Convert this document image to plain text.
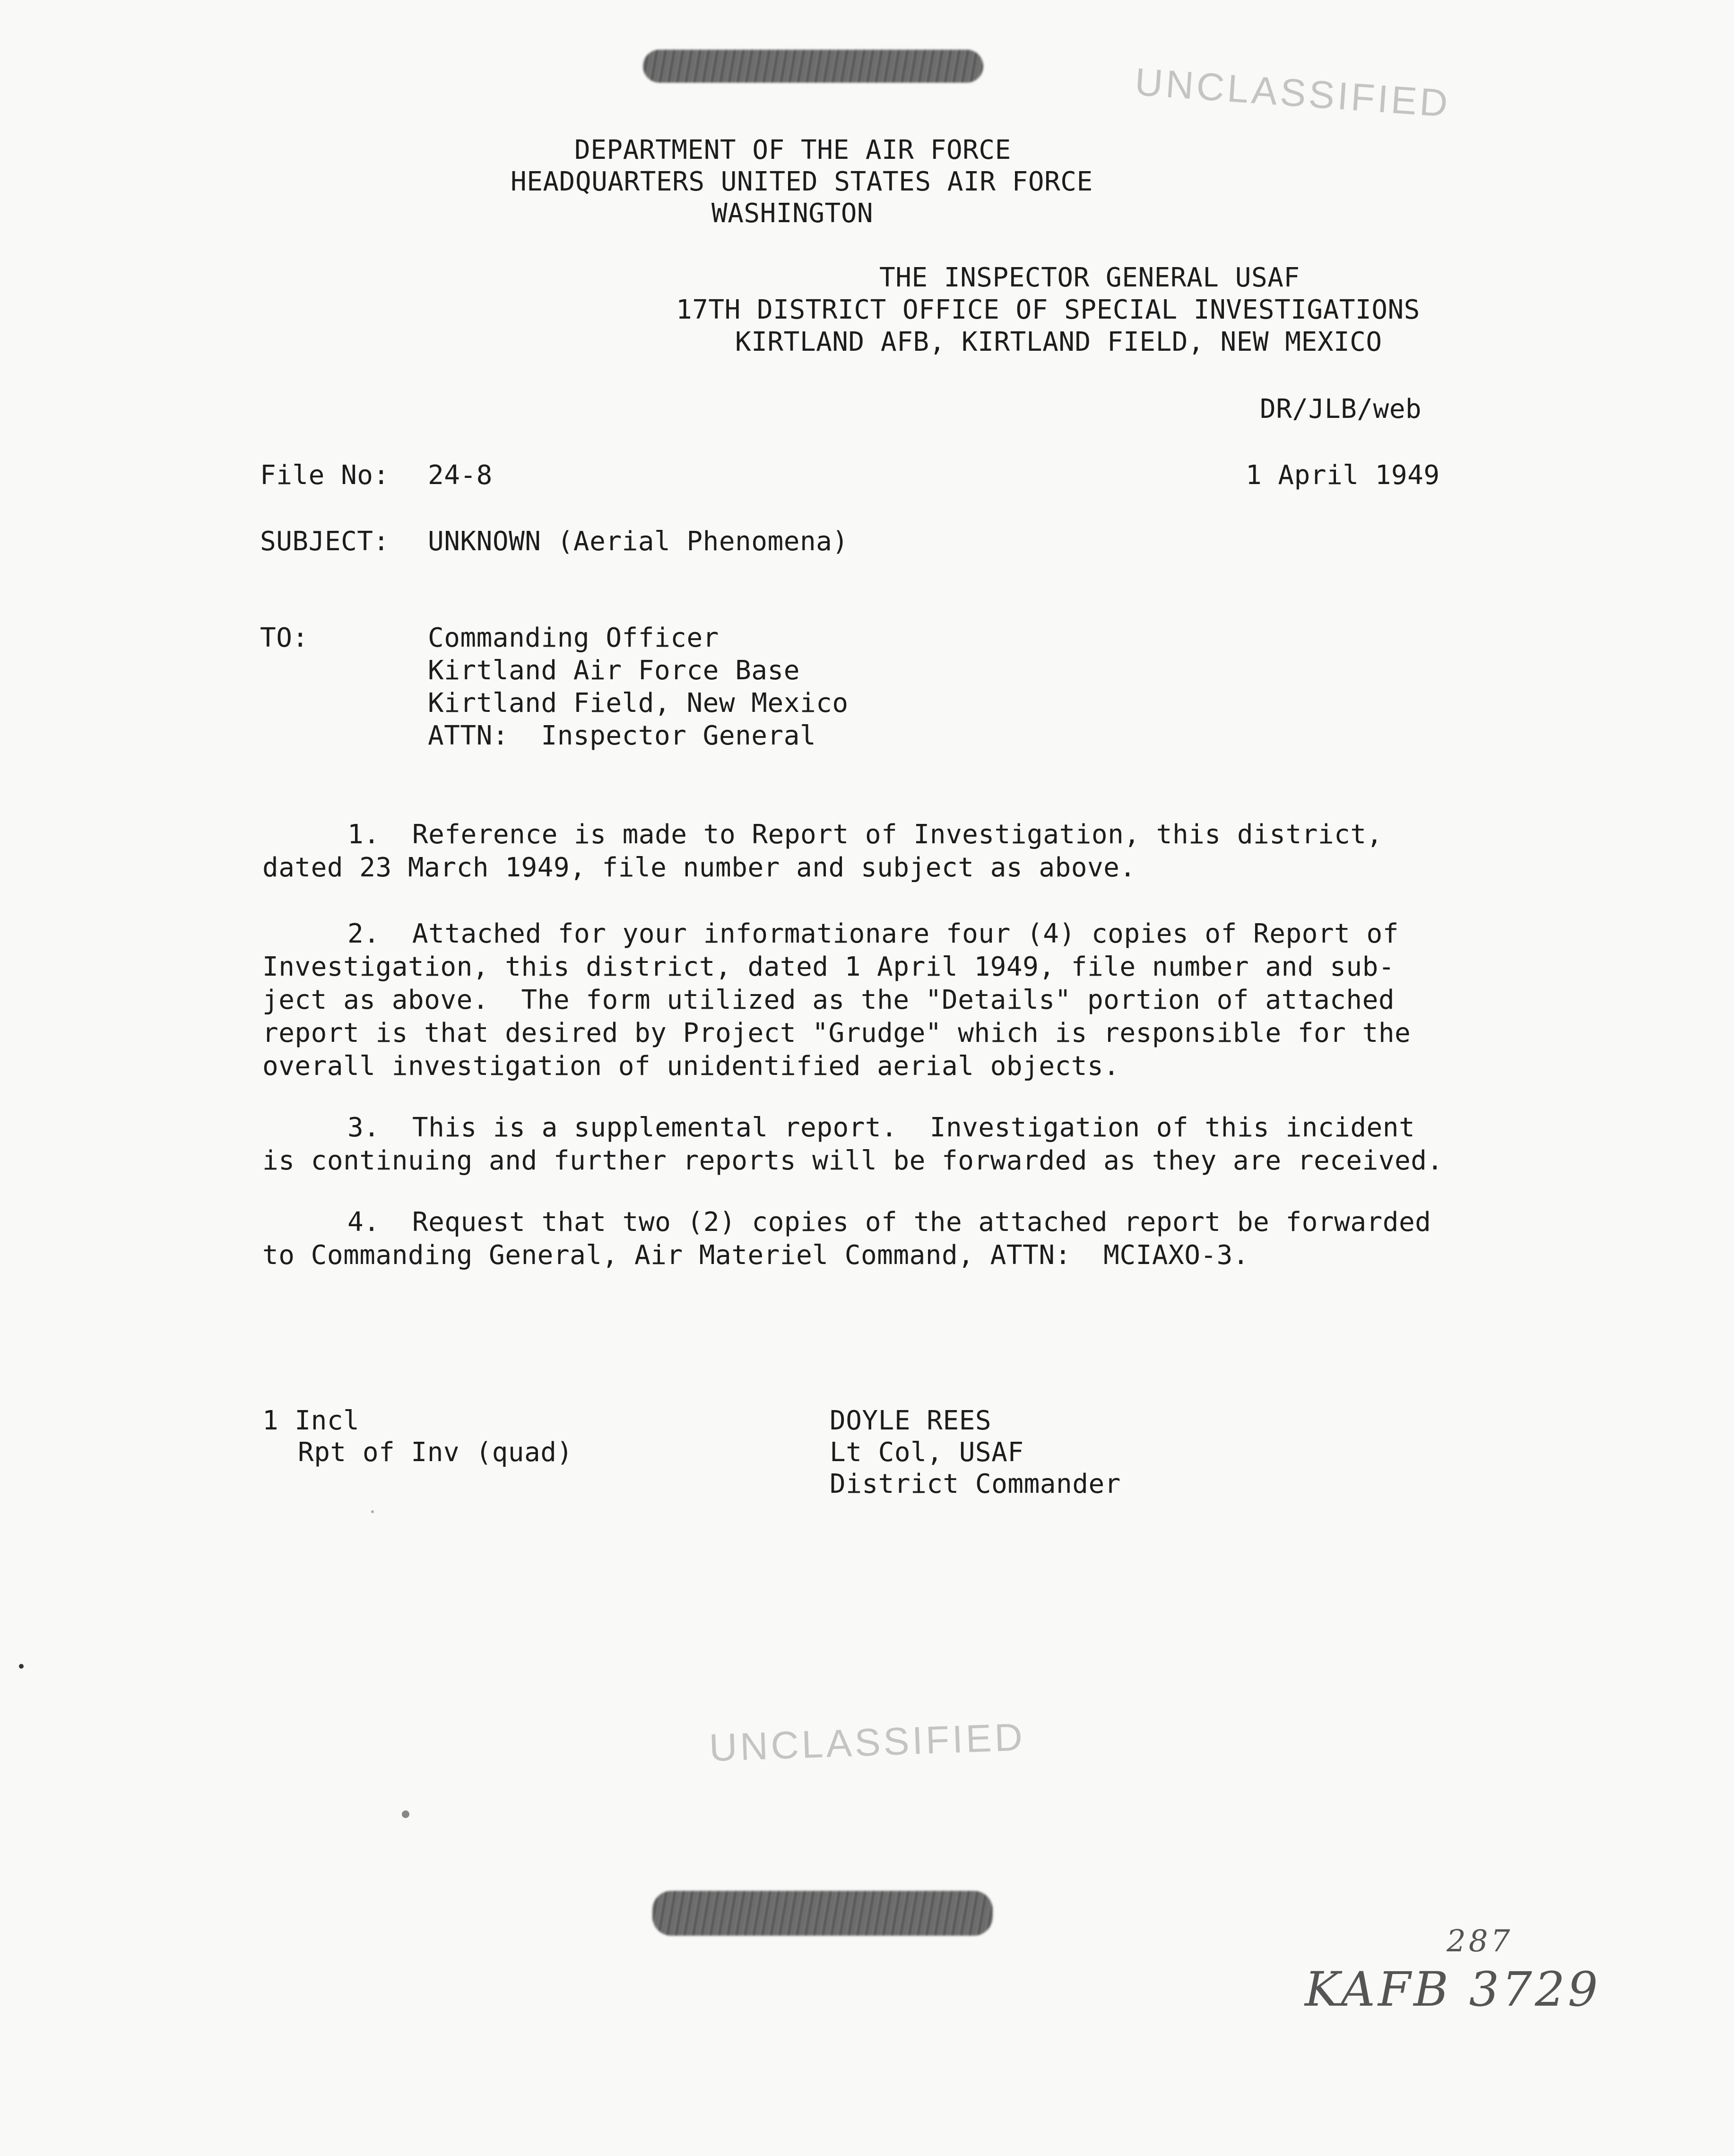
UNCLASSIFIED
UNCLASSIFIED
DEPARTMENT OF THE AIR FORCE
HEADQUARTERS UNITED STATES AIR FORCE
WASHINGTON
THE INSPECTOR GENERAL USAF
17TH DISTRICT OFFICE OF SPECIAL INVESTIGATIONS
KIRTLAND AFB, KIRTLAND FIELD, NEW MEXICO
DR/JLB/web
File No: 24-8	1 April 1949
SUBJECT: UNKNOWN (Aerial Phenomena)
TO:	Commanding Officer
Kirtland Air Force Base
Kirtland Field, New Mexico
ATTN:  Inspector General
1.  Reference is made to Report of Investigation, this district,
dated 23 March 1949, file number and subject as above.
2.  Attached for your informationare four (4) copies of Report of
Investigation, this district, dated 1 April 1949, file number and sub-
ject as above.  The form utilized as the "Details" portion of attached
report is that desired by Project "Grudge" which is responsible for the
overall investigation of unidentified aerial objects.
3.  This is a supplemental report.  Investigation of this incident
is continuing and further reports will be forwarded as they are received.
4.  Request that two (2) copies of the attached report be forwarded
to Commanding General, Air Materiel Command, ATTN:  MCIAXO-3.
1 Incl
Rpt of Inv (quad)
DOYLE REES
Lt Col, USAF
District Commander
287
KAFB 3729
